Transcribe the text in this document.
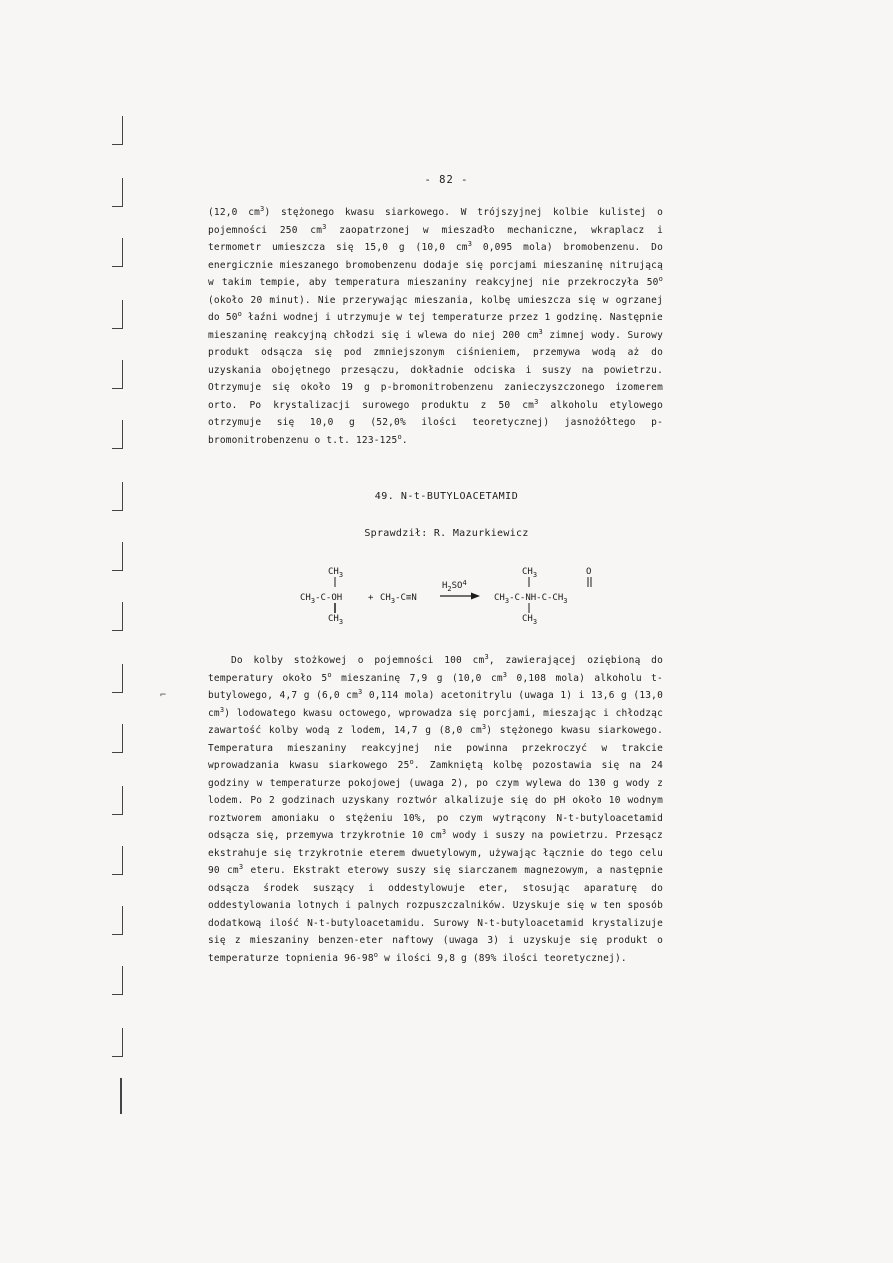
⌐
- 82 -

(12,0 $cm^3$) stężonego kwasu siarkowego. W trójszyjnej kolbie kulistej o pojemności 250 $cm^3$ zaopatrzonej w mieszadło mechaniczne, wkraplacz i termometr umieszcza się 15,0 g (10,0 $cm^3$ 0,095 mola) bromobenzenu. Do energicznie mieszanego bromobenzenu dodaje się porcjami mieszaninę nitrującą w takim tempie, aby temperatura mieszaniny reakcyjnej nie przekroczyła 50$^o$ (około 20 minut). Nie przerywając mieszania, kolbę umieszcza się w ogrzanej do 50$^o$ łaźni wodnej i utrzymuje w tej temperaturze przez 1 godzinę. Następnie mieszaninę reakcyjną chłodzi się i wlewa do niej 200 $cm^3$ zimnej wody. Surowy produkt odsącza się pod zmniejszonym ciśnieniem, przemywa wodą aż do uzyskania obojętnego przesączu, dokładnie odciska i suszy na powietrzu. Otrzymuje się około 19 g p-bromonitrobenzenu zanieczyszczonego izomerem orto. Po krystalizacji surowego produktu z 50 $cm^3$ alkoholu etylowego otrzymuje się 10,0 g (52,0% ilości teoretycznej) jasnożółtego p-bromonitrobenzenu o t.t. 123-125$^o$.

49. N-t-BUTYLOACETAMID
Sprawdził: R. Mazurkiewicz
$CH_3$
$CH_3-C-OH$
$CH_3$
+ $CH_3-C\equiv N$
$H_2SO^4$
$CH_3$	O
$CH_3-C-NH-C-CH_3$
$CH_3$

Do kolby stożkowej o pojemności 100 $cm^3$, zawierającej oziębioną do temperatury około 5$^o$ mieszaninę 7,9 g (10,0 $cm^3$ 0,108 mola) alkoholu t-butylowego, 4,7 g (6,0 $cm^3$ 0,114 mola) acetonitrylu (uwaga 1) i 13,6 g (13,0 $cm^3$) lodowatego kwasu octowego, wprowadza się porcjami, mieszając i chłodząc zawartość kolby wodą z lodem, 14,7 g (8,0 $cm^3$) stężonego kwasu siarkowego. Temperatura mieszaniny reakcyjnej nie powinna przekroczyć w trakcie wprowadzania kwasu siarkowego 25$^o$. Zamkniętą kolbę pozostawia się na 24 godziny w temperaturze pokojowej (uwaga 2), po czym wylewa do 130 g wody z lodem. Po 2 godzinach uzyskany roztwór alkalizuje się do pH około 10 wodnym roztworem amoniaku o stężeniu 10%, po czym wytrącony N-t-butyloacetamid odsącza się, przemywa trzykrotnie 10 $cm^3$ wody i suszy na powietrzu. Przesącz ekstrahuje się trzykrotnie eterem dwuetylowym, używając łącznie do tego celu 90 $cm^3$ eteru. Ekstrakt eterowy suszy się siarczanem magnezowym, a następnie odsącza środek suszący i oddestylowuje eter, stosując aparaturę do oddestylowania lotnych i palnych rozpuszczalników. Uzyskuje się w ten sposób dodatkową ilość N-t-butyloacetamidu. Surowy N-t-butyloacetamid krystalizuje się z mieszaniny benzen-eter naftowy (uwaga 3) i uzyskuje się produkt o temperaturze topnienia 96-98$^o$ w ilości 9,8 g (89% ilości teoretycznej).
